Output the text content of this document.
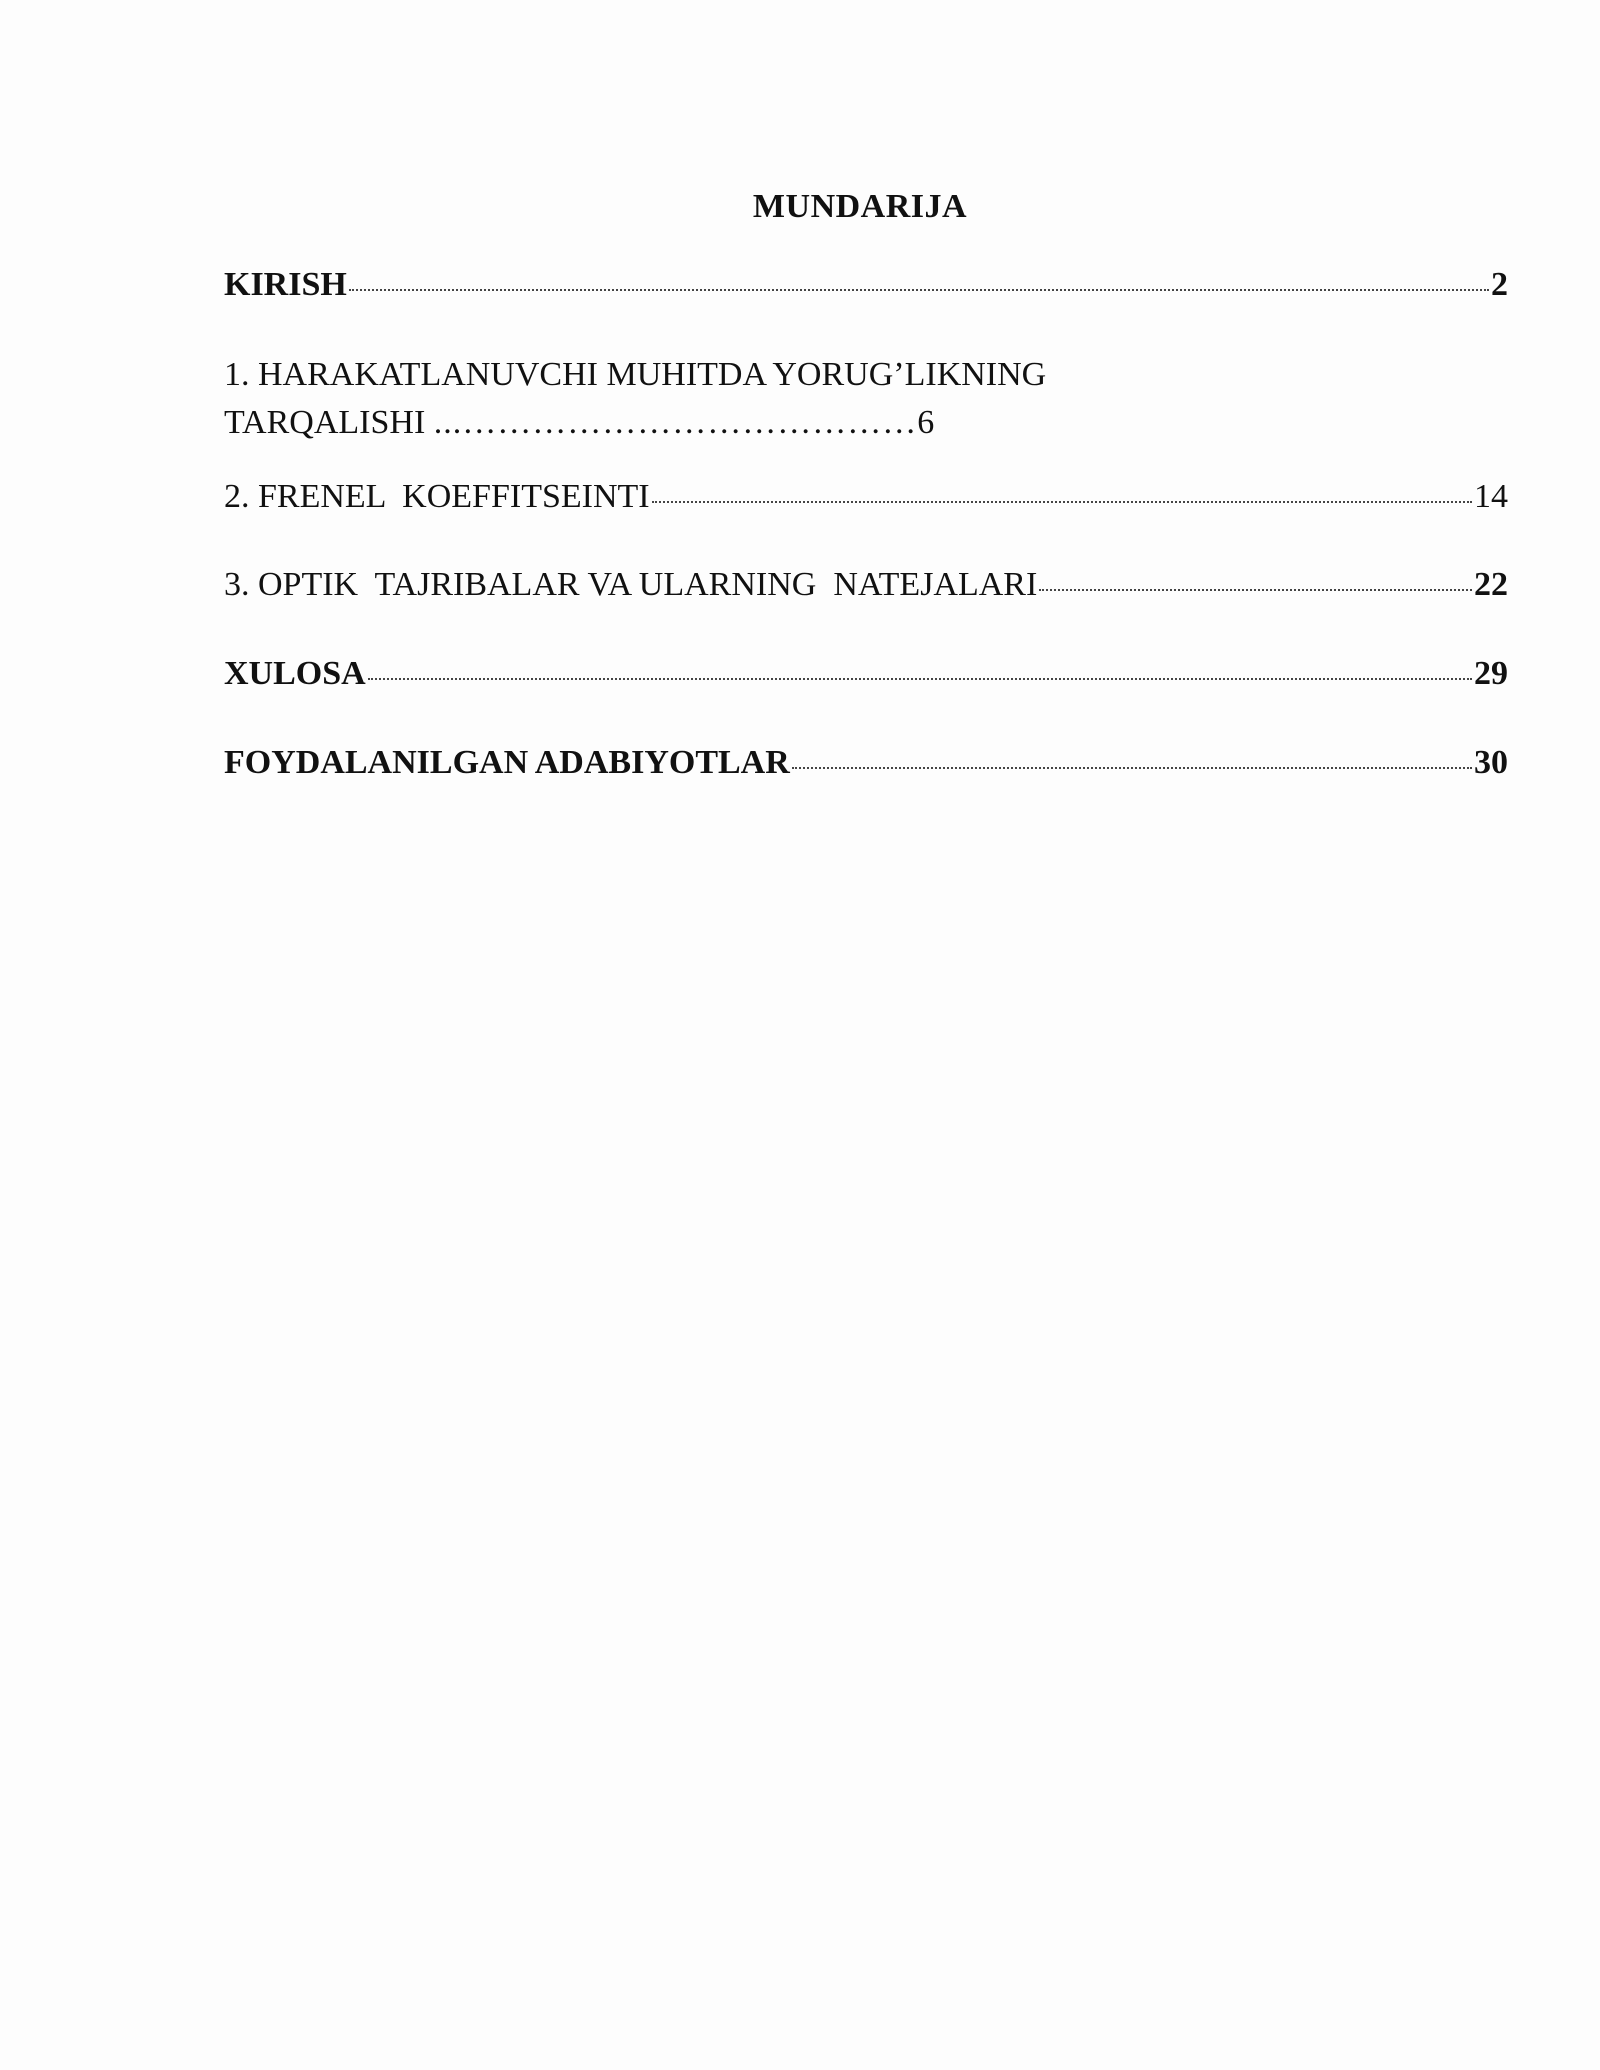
MUNDARIJA
KIRISH	2
1. HARAKATLANUVCHI MUHITDA YORUG’LIKNING
TARQALISHI ...………………………………… 6
2. FRENEL  KOEFFITSEINTI	14
3. OPTIK  TAJRIBALAR VA ULARNING  NATEJALARI	22
XULOSA	29
FOYDALANILGAN ADABIYOTLAR	30
